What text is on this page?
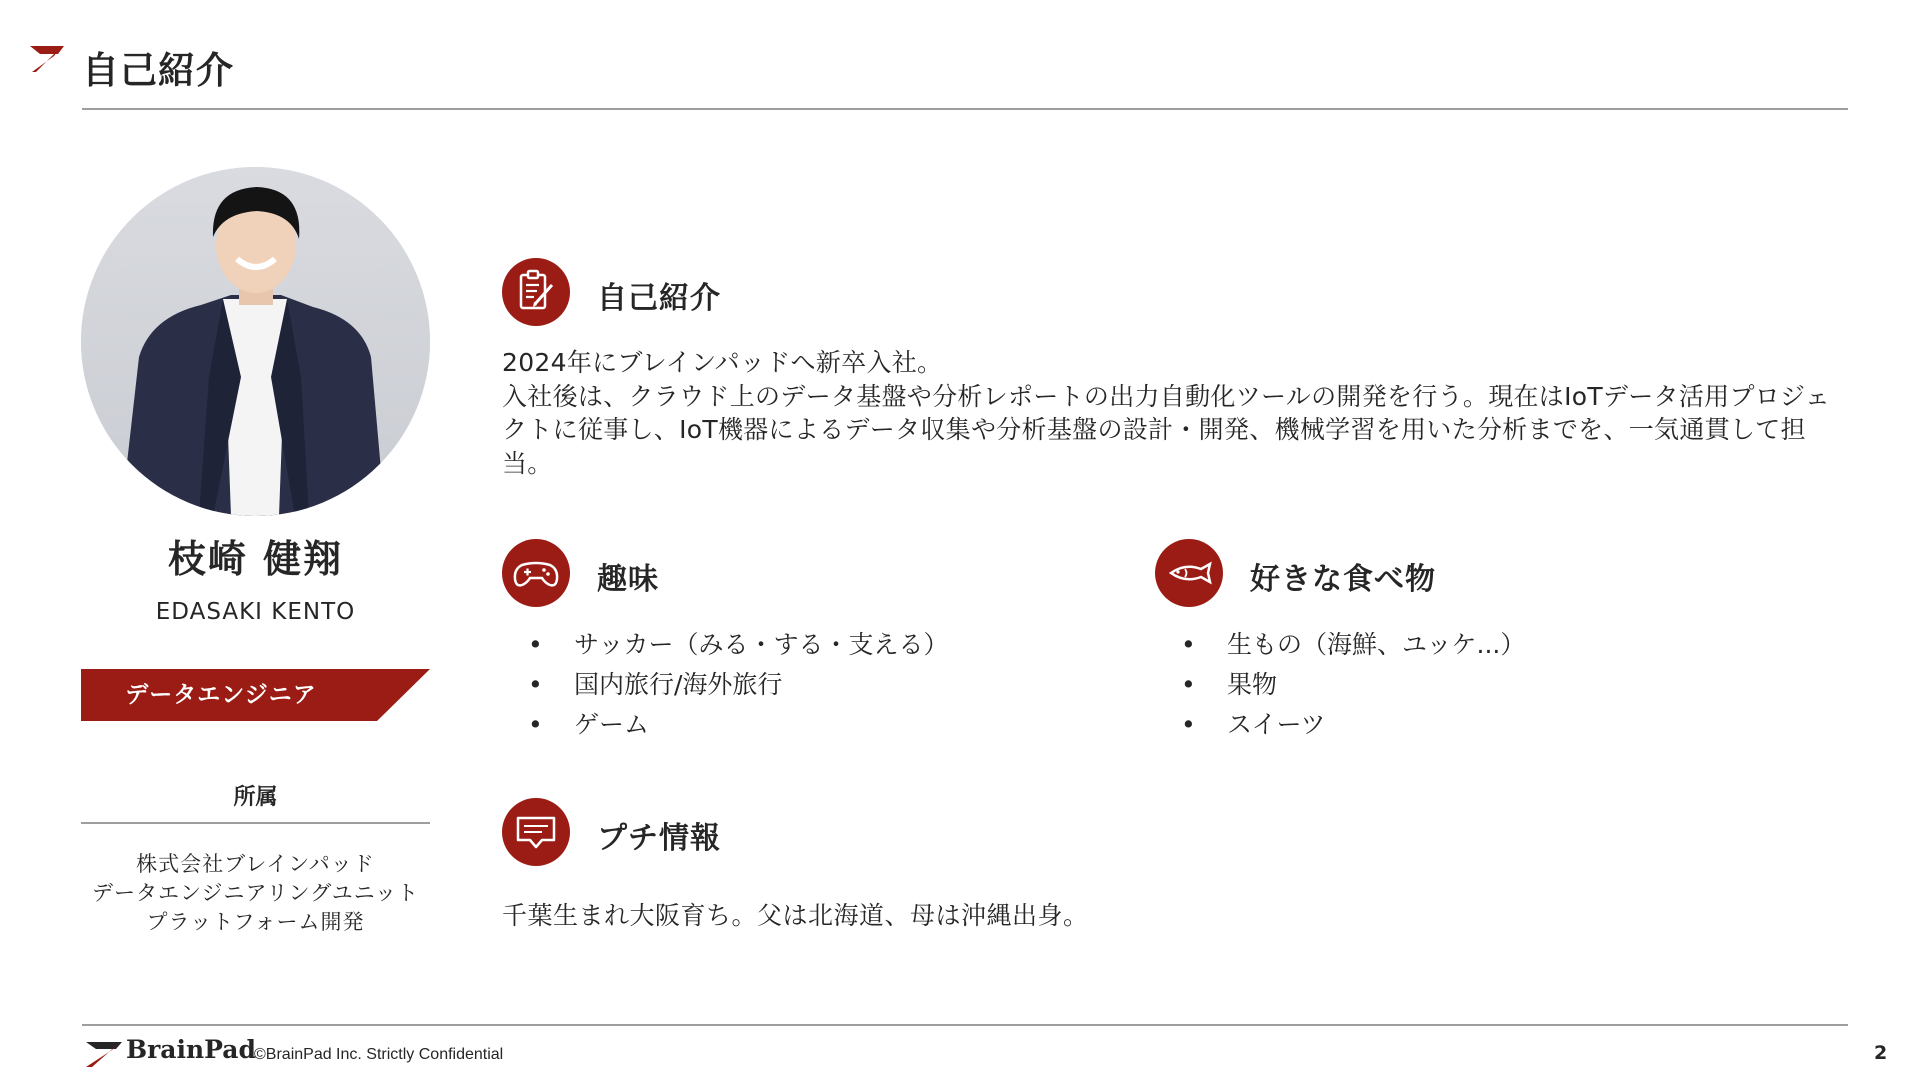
自己紹介
枝崎 健翔
EDASAKI KENTO
データエンジニア
所属
株式会社ブレインパッド
データエンジニアリングユニット
プラットフォーム開発
自己紹介
2024年にブレインパッドへ新卒入社。
入社後は、クラウド上のデータ基盤や分析レポートの出力自動化ツールの開発を行う。現在はIoTデータ活用プロジェクトに従事し、IoT機器によるデータ収集や分析基盤の設計・開発、機械学習を用いた分析までを、一気通貫して担当。
趣味
• サッカー（みる・する・支える）
• 国内旅行/海外旅行
• ゲーム
好きな食べ物
• 生もの（海鮮、ユッケ...）
• 果物
• スイーツ
プチ情報
千葉生まれ大阪育ち。父は北海道、母は沖縄出身。
BrainPad
©BrainPad Inc. Strictly Confidential	2
